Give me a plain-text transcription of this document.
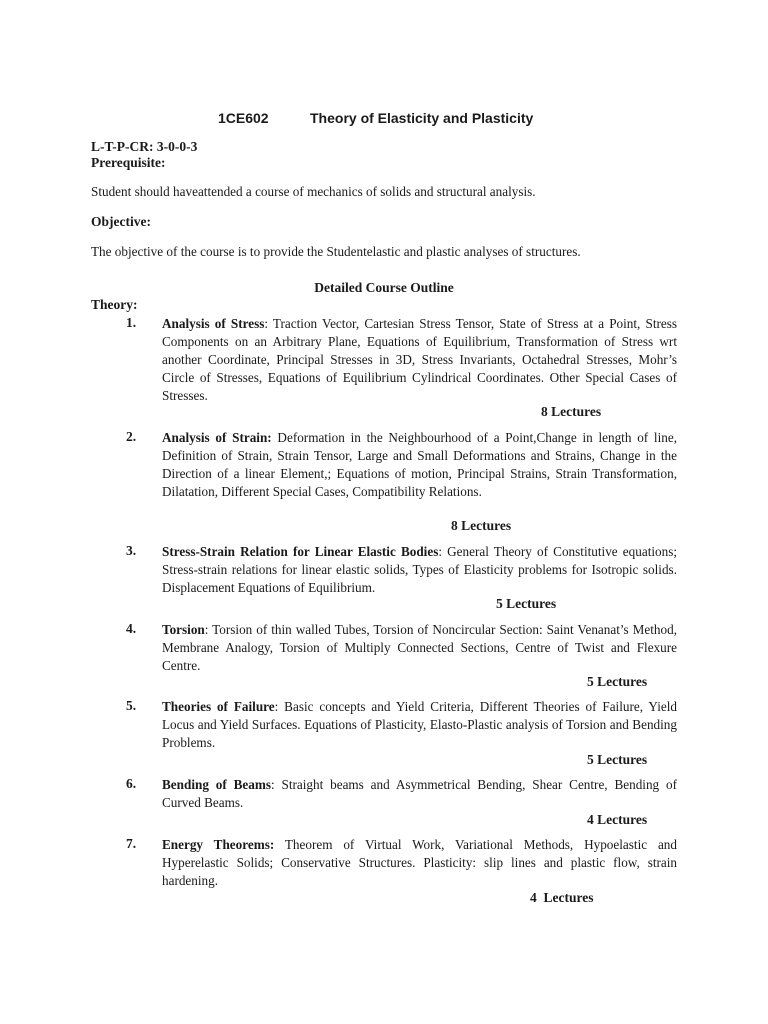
1CE602	Theory of Elasticity and Plasticity
L-T-P-CR: 3-0-0-3
Prerequisite:
Student should haveattended a course of mechanics of solids and structural analysis.
Objective:
The objective of the course is to provide the Studentelastic and plastic analyses of structures.
Detailed Course Outline
Theory:
1. Analysis of Stress: Traction Vector, Cartesian Stress Tensor, State of Stress at a Point, Stress Components on an Arbitrary Plane, Equations of Equilibrium, Transformation of Stress wrt another Coordinate, Principal Stresses in 3D, Stress Invariants, Octahedral Stresses, Mohr’s Circle of Stresses, Equations of Equilibrium Cylindrical Coordinates. Other Special Cases of Stresses.
8 Lectures
2. Analysis of Strain: Deformation in the Neighbourhood of a Point,Change in length of line, Definition of Strain, Strain Tensor, Large and Small Deformations and Strains, Change in the Direction of a linear Element,; Equations of motion, Principal Strains, Strain Transformation, Dilatation, Different Special Cases, Compatibility Relations.
8 Lectures
3. Stress-Strain Relation for Linear Elastic Bodies: General Theory of Constitutive equations; Stress-strain relations for linear elastic solids, Types of Elasticity problems for Isotropic solids. Displacement Equations of Equilibrium.
5 Lectures
4. Torsion: Torsion of thin walled Tubes, Torsion of Noncircular Section: Saint Venanat’s Method, Membrane Analogy, Torsion of Multiply Connected Sections, Centre of Twist and Flexure Centre.
5 Lectures
5. Theories of Failure: Basic concepts and Yield Criteria, Different Theories of Failure, Yield Locus and Yield Surfaces. Equations of Plasticity, Elasto-Plastic analysis of Torsion and Bending Problems.
5 Lectures
6. Bending of Beams: Straight beams and Asymmetrical Bending, Shear Centre, Bending of Curved Beams.
4 Lectures
7. Energy Theorems: Theorem of Virtual Work, Variational Methods, Hypoelastic and Hyperelastic Solids; Conservative Structures. Plasticity: slip lines and plastic flow, strain hardening.
4  Lectures
